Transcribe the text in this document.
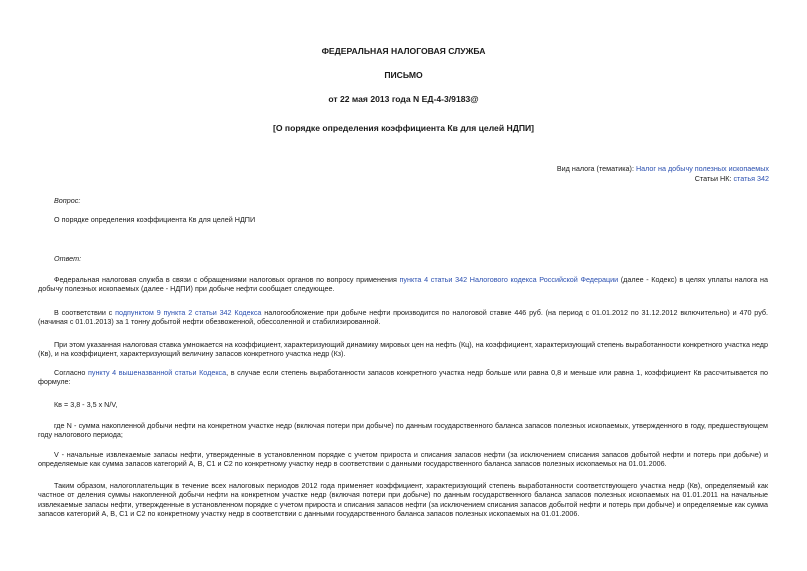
ФЕДЕРАЛЬНАЯ НАЛОГОВАЯ СЛУЖБА
ПИСЬМО
от 22 мая 2013 года N ЕД-4-3/9183@
[О порядке определения коэффициента Кв для целей НДПИ]
Вид налога (тематика): Налог на добычу полезных ископаемых
Статьи НК: статья 342
Вопрос:
О порядке определения коэффициента Кв для целей НДПИ
Ответ:
Федеральная налоговая служба в связи с обращениями налоговых органов по вопросу применения пункта 4 статьи 342 Налогового кодекса Российской Федерации (далее - Кодекс) в целях уплаты налога на добычу полезных ископаемых (далее - НДПИ) при добыче нефти сообщает следующее.
В соответствии с подпунктом 9 пункта 2 статьи 342 Кодекса налогообложение при добыче нефти производится по налоговой ставке 446 руб. (на период с 01.01.2012 по 31.12.2012 включительно) и 470 руб. (начиная с 01.01.2013) за 1 тонну добытой нефти обезвоженной, обессоленной и стабилизированной.
При этом указанная налоговая ставка умножается на коэффициент, характеризующий динамику мировых цен на нефть (Кц), на коэффициент, характеризующий степень выработанности конкретного участка недр (Кв), и на коэффициент, характеризующий величину запасов конкретного участка недр (Кз).
Согласно пункту 4 вышеназванной статьи Кодекса, в случае если степень выработанности запасов конкретного участка недр больше или равна 0,8 и меньше или равна 1, коэффициент Кв рассчитывается по формуле:
Кв = 3,8 - 3,5 x N/V,
где N - сумма накопленной добычи нефти на конкретном участке недр (включая потери при добыче) по данным государственного баланса запасов полезных ископаемых, утвержденного в году, предшествующем году налогового периода;
V - начальные извлекаемые запасы нефти, утвержденные в установленном порядке с учетом прироста и списания запасов нефти (за исключением списания запасов добытой нефти и потерь при добыче) и определяемые как сумма запасов категорий A, B, C1 и C2 по конкретному участку недр в соответствии с данными государственного баланса запасов полезных ископаемых на 01.01.2006.
Таким образом, налогоплательщик в течение всех налоговых периодов 2012 года применяет коэффициент, характеризующий степень выработанности соответствующего участка недр (Кв), определяемый как частное от деления суммы накопленной добычи нефти на конкретном участке недр (включая потери при добыче) по данным государственного баланса запасов полезных ископаемых на 01.01.2011 на начальные извлекаемые запасы нефти, утвержденные в установленном порядке с учетом прироста и списания запасов нефти (за исключением списания запасов добытой нефти и потерь при добыче) и определяемые как сумма запасов категорий A, B, C1 и C2 по конкретному участку недр в соответствии с данными государственного баланса запасов полезных ископаемых на 01.01.2006.
